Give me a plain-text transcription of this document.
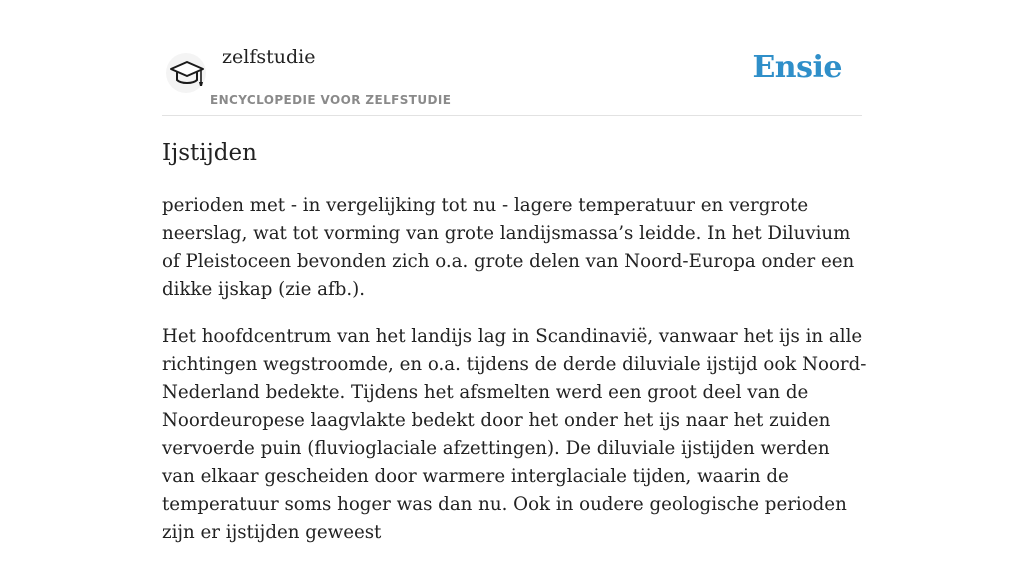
zelfstudie
ENCYCLOPEDIE VOOR ZELFSTUDIE
Ensie
Ijstijden

perioden met - in vergelijking tot nu - lagere temperatuur en vergrote neerslag, wat tot vorming van grote landijsmassa’s leidde. In het Diluvium of Pleistoceen bevonden zich o.a. grote delen van Noord-Europa onder een dikke ijskap (zie afb.).

Het hoofdcentrum van het landijs lag in Scandinavië, vanwaar het ijs in alle richtingen wegstroomde, en o.a. tijdens de derde diluviale ijstijd ook Noord-Nederland bedekte. Tijdens het afsmelten werd een groot deel van de Noordeuropese laagvlakte bedekt door het onder het ijs naar het zuiden vervoerde puin (fluvioglaciale afzettingen). De diluviale ijstijden werden van elkaar gescheiden door warmere interglaciale tijden, waarin de temperatuur soms hoger was dan nu. Ook in oudere geologische perioden zijn er ijstijden geweest
